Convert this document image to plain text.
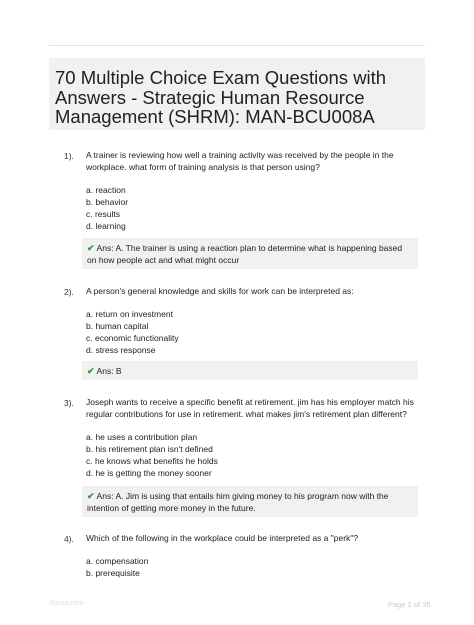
70 Multiple Choice Exam Questions with Answers - Strategic Human Resource Management (SHRM): MAN-BCU008A
1). A trainer is reviewing how well a training activity was received by the people in the workplace. what form of training analysis is that person using?
a. reaction
b. behavior
c. results
d. learning
✔ Ans: A. The trainer is using a reaction plan to determine what is happening based on how people act and what might occur
2). A person's general knowledge and skills for work can be interpreted as:
a. return on investment
b. human capital
c. economic functionality
d. stress response
✔ Ans: B
3). Joseph wants to receive a specific benefit at retirement. jim has his employer match his regular contributions for use in retirement. what makes jim's retirement plan different?
a. he uses a contribution plan
b. his retirement plan isn't defined
c. he knows what benefits he holds
d. he is getting the money sooner
✔ Ans: A. Jim is using that entails him giving money to his program now with the intention of getting more money in the future.
4). Which of the following in the workplace could be interpreted as a "perk"?
a. compensation
b. prerequisite
Stuvia.com	Page 1 of 35
